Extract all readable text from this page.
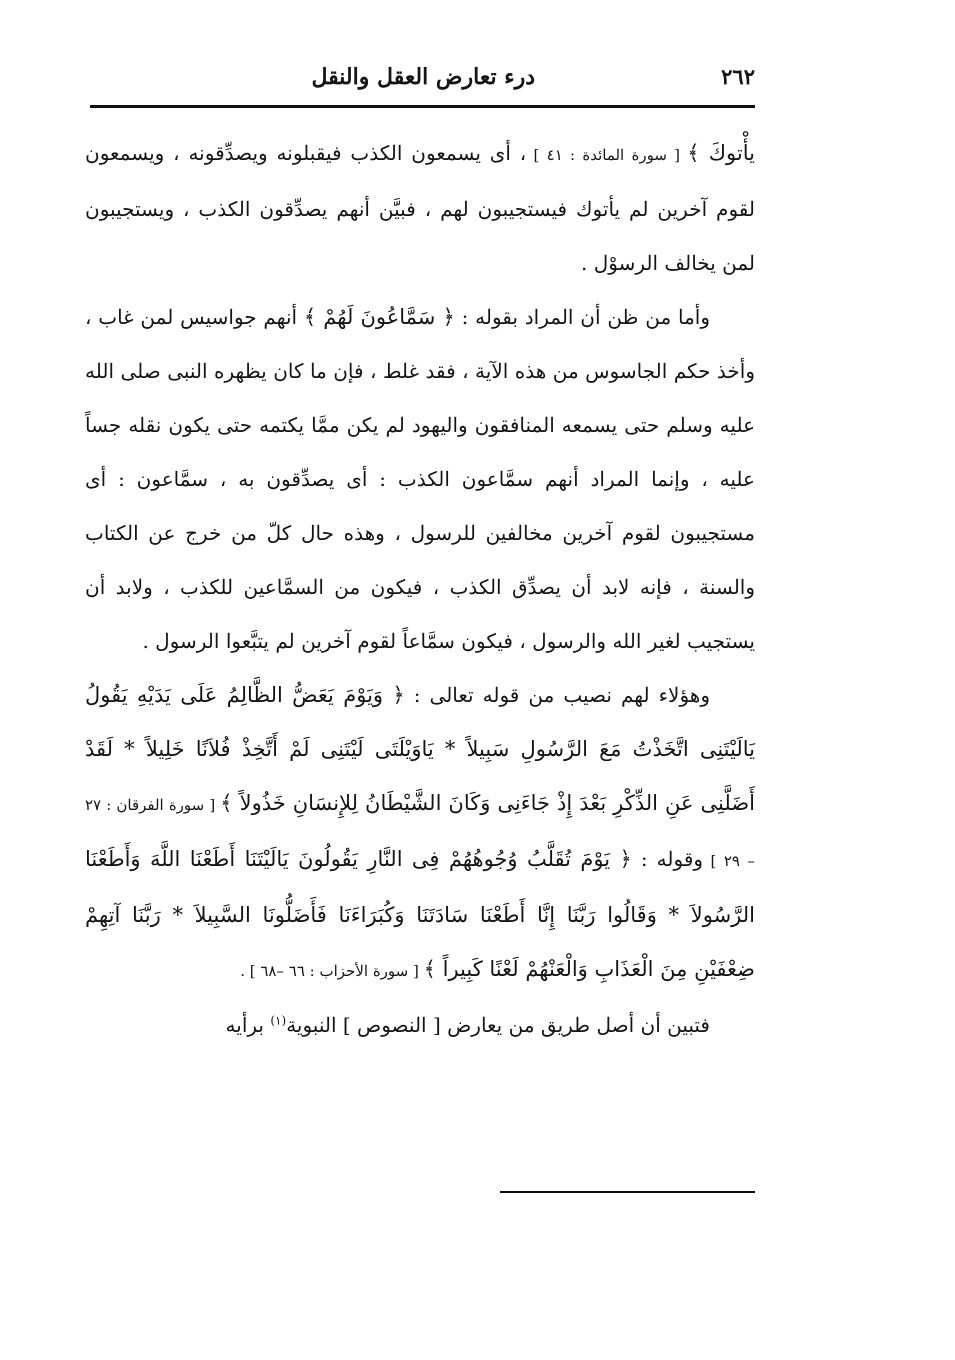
٢٦٢
درء تعارض العقل والنقل

يأْتوكَ ﴾ [ سورة المائدة : ٤١ ] ، أى يسمعون الكذب فيقبلونه ويصدِّقونه ، ويسمعون لقوم آخرين لم يأتوك فيستجيبون لهم ، فبيَّن أنهم يصدِّقون الكذب ، ويستجيبون لمن يخالف الرسوْل .

وأما من ظن أن المراد بقوله : ﴿ سَمَّاعُونَ لَهُمْ ﴾ أنهم جواسيس لمن غاب ، وأخذ حكم الجاسوس من هذه الآية ، فقد غلط ، فإن ما كان يظهره النبى صلى الله عليه وسلم حتى يسمعه المنافقون واليهود لم يكن ممَّا يكتمه حتى يكون نقله جساً عليه ، وإنما المراد أنهم سمَّاعون الكذب : أى يصدِّقون به ، سمَّاعون : أى مستجيبون لقوم آخرين مخالفين للرسول ، وهذه حال كلّ من خرج عن الكتاب والسنة ، فإنه لابد أن يصدِّق الكذب ، فيكون من السمَّاعين للكذب ، ولابد أن يستجيب لغير الله والرسول ، فيكون سمَّاعاً لقوم آخرين لم يتبَّعوا الرسول .

وهؤلاء لهم نصيب من قوله تعالى : ﴿ وَيَوْمَ يَعَضُّ الظَّالِمُ عَلَى يَدَيْهِ يَقُولُ يَالَيْتَنِى اتَّخَذْتُ مَعَ الرَّسُولِ سَبِيلاً * يَاوَيْلَتَى لَيْتَنِى لَمْ أَتَّخِذْ فُلاَنًا خَلِيلاً * لَقَدْ أَضَلَّنِى عَنِ الذِّكْرِ بَعْدَ إِذْ جَاءَنِى وَكَانَ الشَّيْطَانُ لِلإِنسَانِ خَذُولاً ﴾ [ سورة الفرقان : ٢٧ – ٢٩ ] وقوله : ﴿ يَوْمَ تُقَلَّبُ وُجُوهُهُمْ فِى النَّارِ يَقُولُونَ يَالَيْتَنَا أَطَعْنَا اللَّهَ وَأَطَعْنَا الرَّسُولاَ * وَقَالُوا رَبَّنَا إِنَّا أَطَعْنَا سَادَتَنَا وَكُبَرَاءَنَا فَأَضَلُّونَا السَّبِيلاَ * رَبَّنَا آتِهِمْ ضِعْفَيْنِ مِنَ الْعَذَابِ وَالْعَنْهُمْ لَعْنًا كَبِيراً ﴾ [ سورة الأحزاب : ٦٦ –٦٨ ] .

فتبين أن أصل طريق من يعارض [ النصوص ] النبوية$^{(١)}$ برأيه
